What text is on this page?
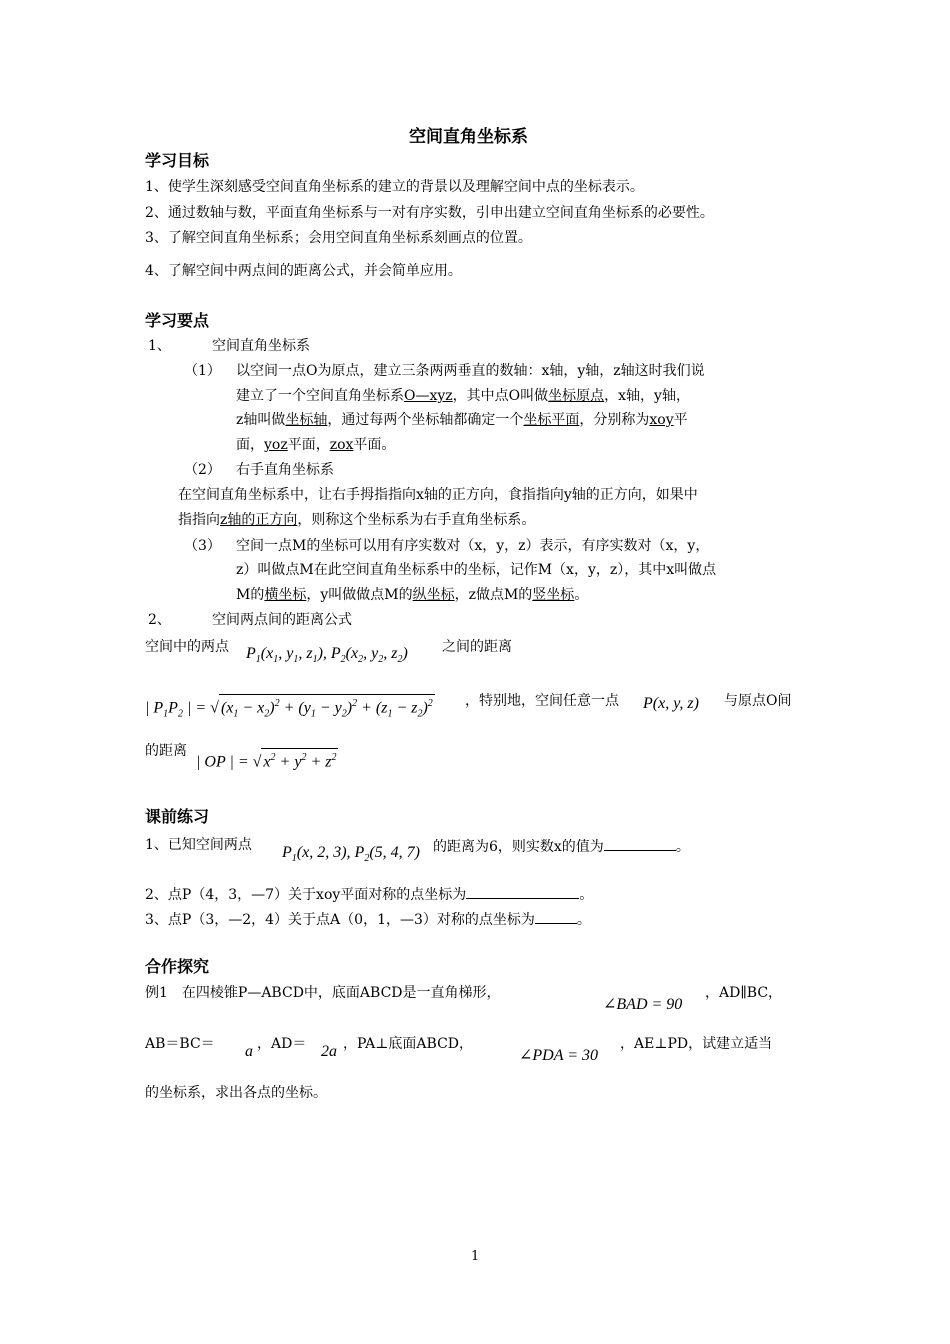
空间直角坐标系
学习目标
1、使学生深刻感受空间直角坐标系的建立的背景以及理解空间中点的坐标表示。
2、通过数轴与数，平面直角坐标系与一对有序实数，引申出建立空间直角坐标系的必要性。
3、了解空间直角坐标系；会用空间直角坐标系刻画点的位置。
4、了解空间中两点间的距离公式，并会简单应用。
学习要点
1、	空间直角坐标系
（1） 以空间一点O为原点，建立三条两两垂直的数轴：x轴，y轴，z轴这时我们说
建立了一个空间直角坐标系O—xyz，其中点O叫做坐标原点，x轴，y轴，
z轴叫做坐标轴，通过每两个坐标轴都确定一个坐标平面，分别称为xoy平
面，yoz平面，zox平面。
（2） 右手直角坐标系
在空间直角坐标系中，让右手拇指指向x轴的正方向，食指指向y轴的正方向，如果中
指指向z轴的正方向，则称这个坐标系为右手直角坐标系。
（3） 空间一点M的坐标可以用有序实数对（x，y，z）表示，有序实数对（x，y，
z）叫做点M在此空间直角坐标系中的坐标，记作M（x，y，z），其中x叫做点
M的横坐标，y叫做做点M的纵坐标，z做点M的竖坐标。
2、	空间两点间的距离公式
空间中的两点 $P_1(x_1$, $y_1$, $z_1$), $P_2(x_2$, $y_2$, $z_2$) 之间的距离
| $P_1P_2$ | = √ $(x_1 - x_2)^2 + (y_1 - y_2)^2 + (z_1 - z_2)^2$ ，特别地，空间任意一点 P(x, y, z) 与原点O间
的距离
| OP | = √ $x^2 + y^2 + z^2$
课前练习
1、已知空间两点 $P_1(x$, 2, 3), $P_2(5$, 4, 7) 的距离为6，则实数x的值为	。
2、点P（4，3，—7）关于xoy平面对称的点坐标为	。
3、点P（3，—2，4）关于点A（0，1，—3）对称的点坐标为	。
合作探究
例1　在四棱锥P—ABCD中，底面ABCD是一直角梯形，
∠BAD = 90
，AD∥BC，
AB＝BC＝ a ，AD＝ 2a ，PA⊥底面ABCD，
∠PDA = 30
，AE⊥PD，试建立适当
的坐标系，求出各点的坐标。
1
